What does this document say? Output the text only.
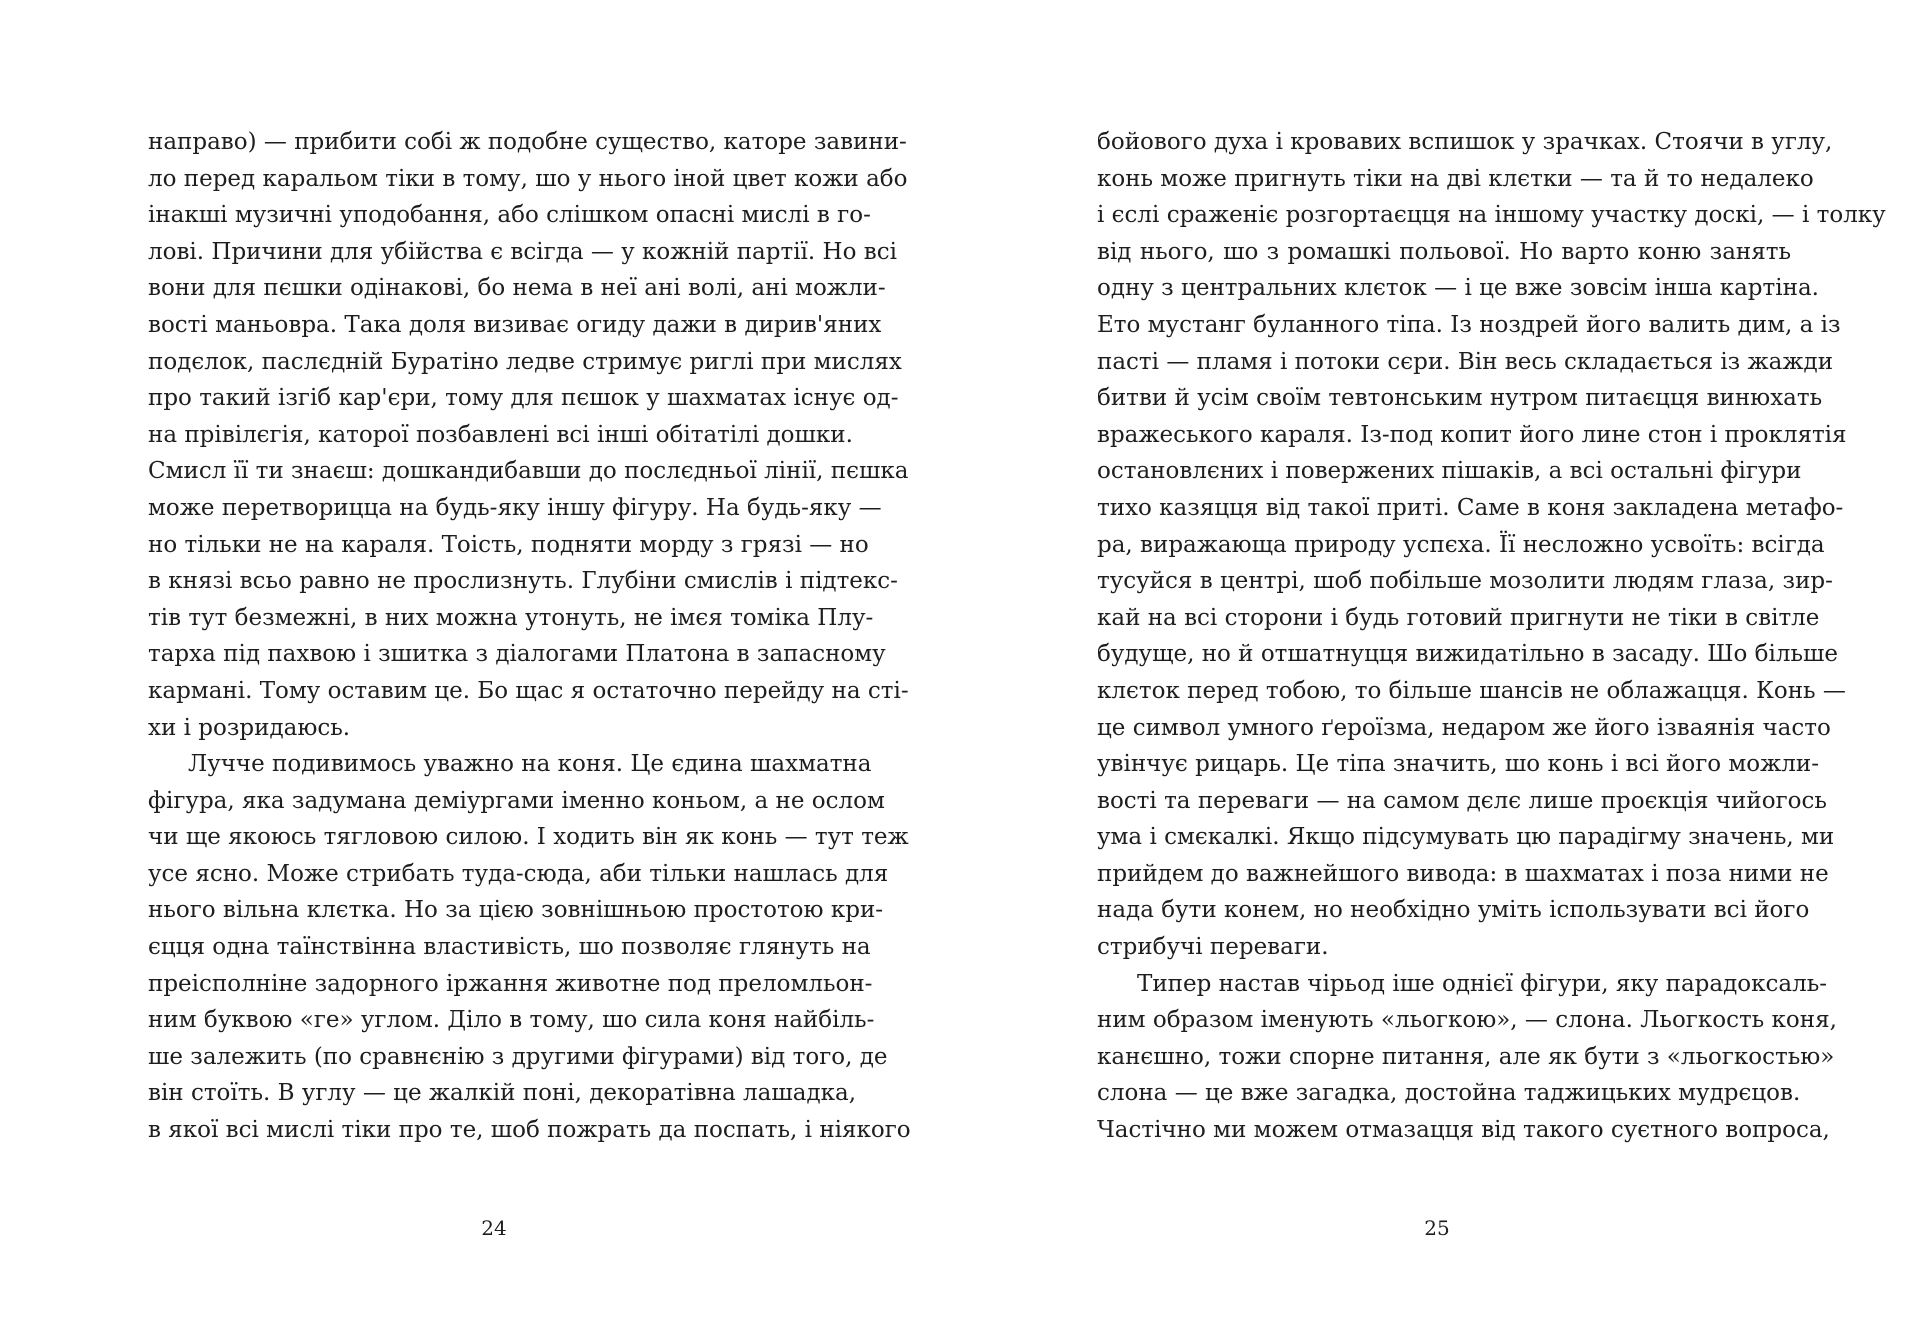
направо) — прибити собі ж подобне существо, каторе завини-
ло перед каральом тіки в тому, шо у нього іной цвет кожи або
інакші музичні уподобання, або слішком опасні мислі в го-
лові. Причини для убійства є всігда — у кожній партії. Но всі
вони для пєшки одінакові, бо нема в неї ані волі, ані можли-
вості маньовра. Така доля визиває огиду дажи в дирив'яних
подєлок, паслєдній Буратіно ледве стримує риглі при мислях
про такий ізгіб кар'єри, тому для пєшок у шахматах існує од-
на прівілєгія, каторої позбавлені всі інші обітатілі дошки.
Смисл її ти знаєш: дошкандибавши до послєдньої лінії, пєшка
може перетвориццa на будь-яку іншу фігуру. На будь-яку —
но тільки не на караля. Тоість, подняти морду з грязі — но
в князі всьо равно не прослизнуть. Глубіни смислів і підтекс-
тів тут безмежні, в них можна утонуть, не імєя томіка Плу-
тарха під пахвою і зшитка з діалогами Платона в запасному
кармані. Тому оставим це. Бо щас я остаточно перейду на сті-
хи і розридаюсь.
Лучче подивимось уважно на коня. Це єдина шахматна
фігура, яка задумана деміургами іменно коньом, а не ослом
чи ще якоюсь тягловою силою. І ходить він як конь — тут теж
усе ясно. Може стрибать туда-сюда, аби тільки нашлась для
нього вільна клєтка. Но за цією зовнішньою простотою кри-
єцця одна таїнствінна властивість, шо позволяє глянуть на
преісполнінe задорного іржання животне под преломльон-
ним буквою «ге» углом. Діло в тому, шо сила коня найбіль-
ше залежить (по сравнєнію з другими фігурами) від того, де
він стоїть. В углу — це жалкій поні, декоратівна лашадка,
в якої всі мислі тіки про те, шоб пожрать да поспать, і ніякого
24
бойового духа і кровавих вспишок у зрачках. Стоячи в углу,
конь може пригнуть тіки на дві клєтки — та й то недалеко
і єслі сражeніє розгортаєцця на іншому участку доскі, — і толку
від нього, шо з ромашкі польової. Но варто коню занять
одну з центральних клєток — і це вже зовсім інша картіна.
Ето мустанг буланного тіпа. Із ноздрей його валить дим, а із
пасті — пламя і потоки сєри. Він весь складається із жажди
битви й усім своїм тевтонським нутром питаєцця винюхать
вражеського караля. Із-под копит його лине стон і проклятія
остановлєних і повержених пішаків, а всі остальні фігури
тихо казяцця від такої приті. Саме в коня закладена метафо-
ра, виражающа природу успєха. Її несложно усвоїть: всігда
тусуйся в центрі, шоб побільше мозолити людям глаза, зир-
кай на всі сторони і будь готовий пригнути не тіки в світле
будуще, но й отшатнуцця вижидатільно в засаду. Шо більше
клєток перед тобою, то більше шансів не облажацця. Конь —
це символ умного ґероїзма, недаром же його ізваянія часто
увінчує рицарь. Це тіпа значить, шо конь і всі його можли-
вості та переваги — на самом дєлє лише проєкція чийогось
ума і смєкалкі. Якщо підсумувать цю парадігму значень, ми
прийдем до важнейшого вивода: в шахматах і поза ними не
нада бути конем, но необхідно уміть іспользувати всі його
стрибучі переваги.
Типер настав чірьод іше однієї фігури, яку парадоксаль-
ним образом іменують «льогкою», — слона. Льогкость коня,
канєшно, тожи спорне питання, але як бути з «льогкостью»
слона — це вже загадка, достойна таджицьких мудрєцов.
Частічно ми можем отмазацця від такого суєтного вопроса,
25
